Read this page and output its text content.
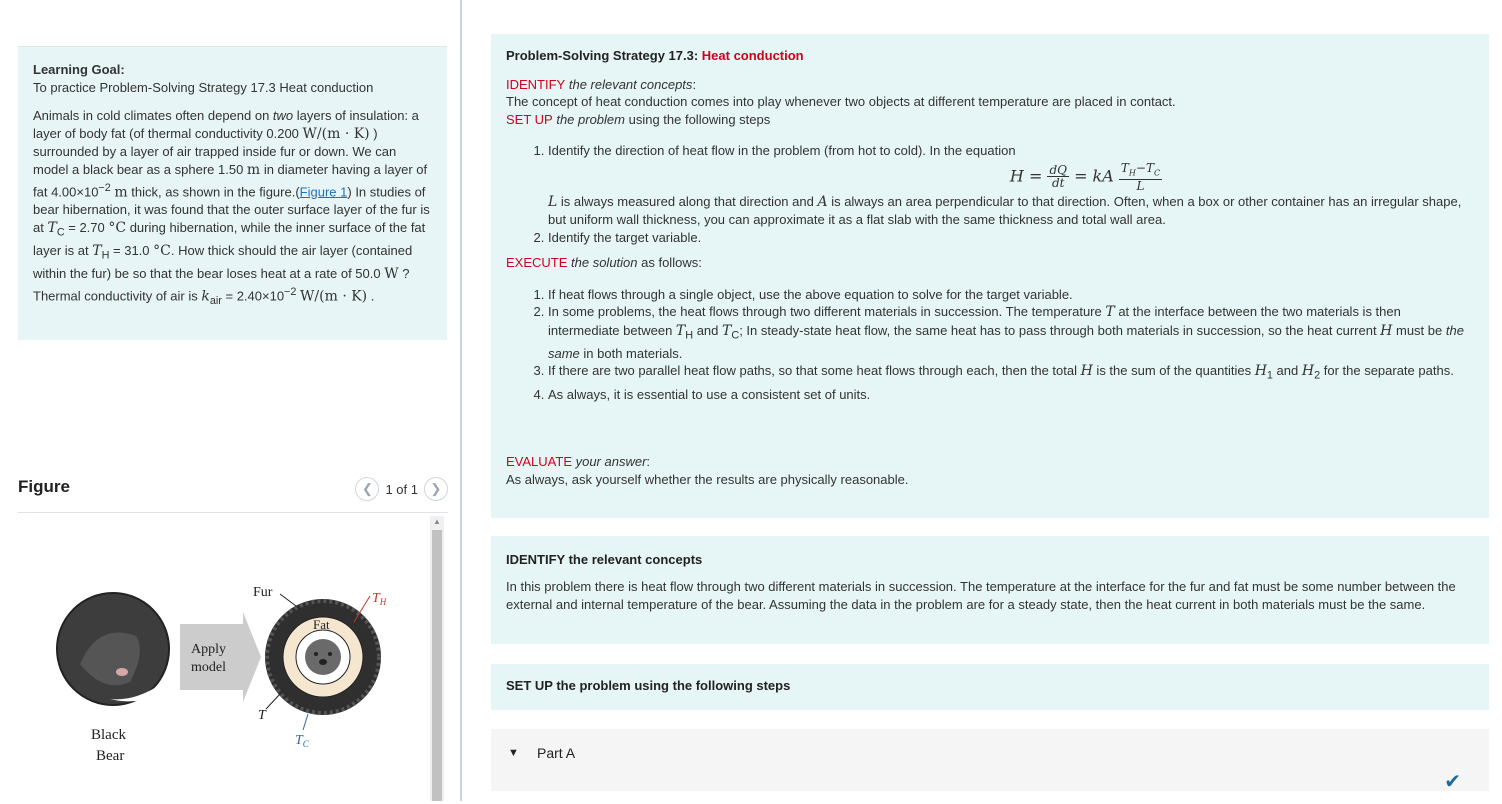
Learning Goal:

To practice Problem-Solving Strategy 17.3 Heat conduction

Animals in cold climates often depend on two layers of insulation: a layer of body fat (of thermal conductivity 0.200 W/(m · K) ) surrounded by a layer of air trapped inside fur or down. We can model a black bear as a sphere 1.50 m in diameter having a layer of fat $4.00\times 10^{-2}$ m thick, as shown in the figure.(Figure 1) In studies of bear hibernation, it was found that the outer surface layer of the fur is at $T_C = 2.70$ °C during hibernation, while the inner surface of the fat layer is at $T_H = 31.0$ °C. How thick should the air layer (contained within the fur) be so that the bear loses heat at a rate of 50.0 W ?

Thermal conductivity of air is $k_{air} = 2.40\times 10^{-2}$ W/(m · K) .

Figure	❮ 1 of 1 ❯
Apply
model
Fat
Fur	$T_H$
T
$T_C$
Black
Bear
▲

Problem-Solving Strategy 17.3: Heat conduction

IDENTIFY the relevant concepts:

The concept of heat conduction comes into play whenever two objects at different temperature are placed in contact.

SET UP the problem using the following steps

1. Identify the direction of heat flow in the problem (from hot to cold). In the equation
$H = \frac{dQ}{dt}$ = kA $\frac{T_H-T_C}{L}$
L is always measured along that direction and A is always an area perpendicular to that direction. Often, when a box or other container has an irregular shape, but uniform wall thickness, you can approximate it as a flat slab with the same thickness and total wall area.
2. Identify the target variable.

EXECUTE the solution as follows:

1. If heat flows through a single object, use the above equation to solve for the target variable.
2. In some problems, the heat flows through two different materials in succession. The temperature T at the interface between the two materials is then intermediate between $T_H$ and $T_C$; In steady-state heat flow, the same heat has to pass through both materials in succession, so the heat current H must be the same in both materials.
3. If there are two parallel heat flow paths, so that some heat flows through each, then the total H is the sum of the quantities $H_1$ and $H_2$ for the separate paths.
4. As always, it is essential to use a consistent set of units.

EVALUATE your answer:

As always, ask yourself whether the results are physically reasonable.

IDENTIFY the relevant concepts

In this problem there is heat flow through two different materials in succession. The temperature at the interface for the fur and fat must be some number between the external and internal temperature of the bear. Assuming the data in the problem are for a steady state, then the heat current in both materials must be the same.

SET UP the problem using the following steps

▼ Part A
✔
